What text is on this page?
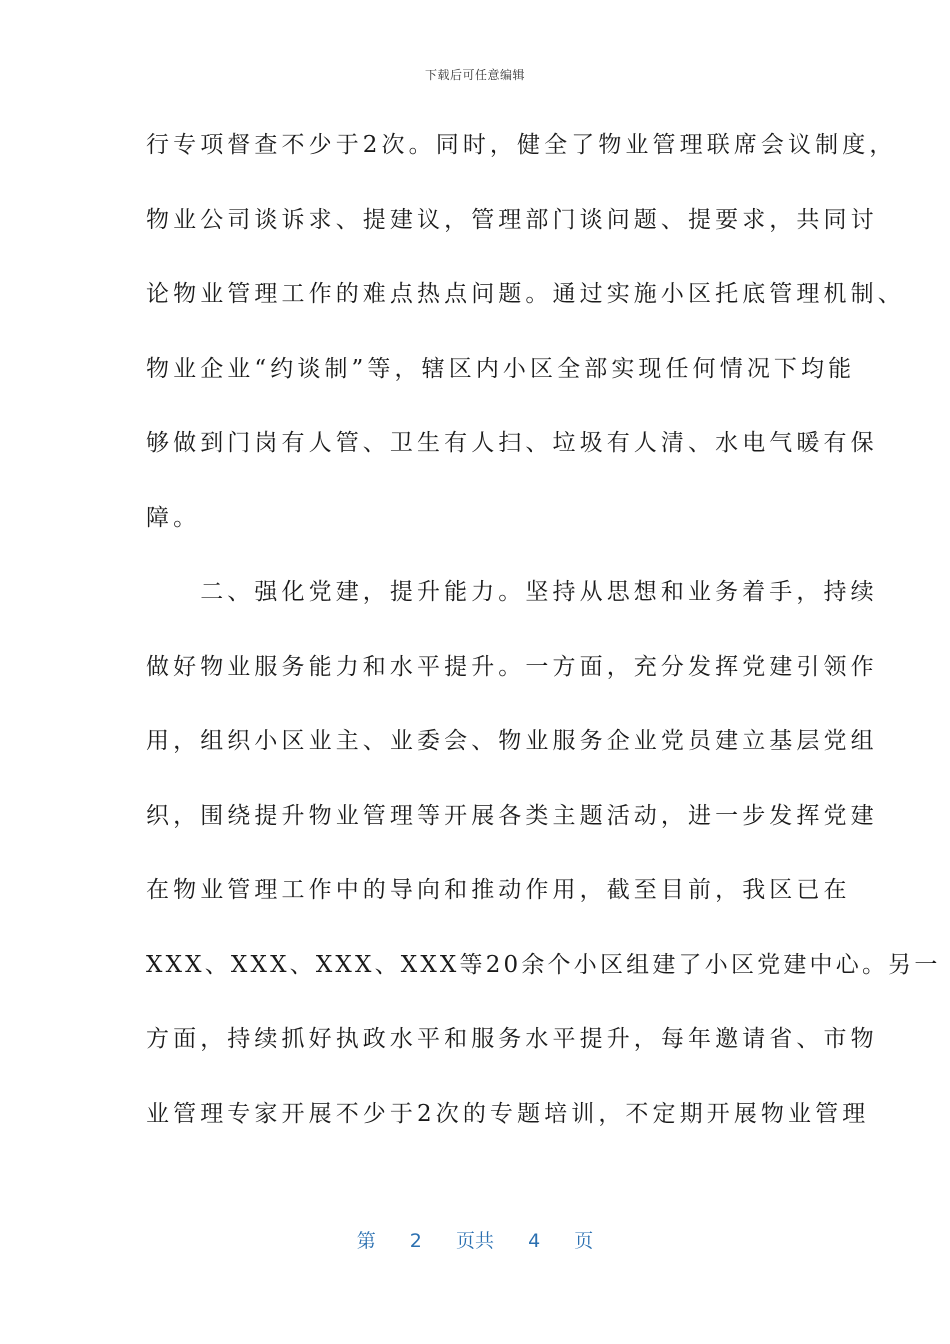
下载后可任意编辑
行专项督查不少于2次。同时，健全了物业管理联席会议制度，
物业公司谈诉求、提建议，管理部门谈问题、提要求，共同讨
论物业管理工作的难点热点问题。通过实施小区托底管理机制、
物业企业“约谈制”等，辖区内小区全部实现任何情况下均能
够做到门岗有人管、卫生有人扫、垃圾有人清、水电气暖有保
障。
　　二、强化党建，提升能力。坚持从思想和业务着手，持续
做好物业服务能力和水平提升。一方面，充分发挥党建引领作
用，组织小区业主、业委会、物业服务企业党员建立基层党组
织，围绕提升物业管理等开展各类主题活动，进一步发挥党建
在物业管理工作中的导向和推动作用，截至目前，我区已在
XXX、XXX、XXX、XXX等20余个小区组建了小区党建中心。另一
方面，持续抓好执政水平和服务水平提升，每年邀请省、市物
业管理专家开展不少于2次的专题培训，不定期开展物业管理
第 2 页共 4 页
